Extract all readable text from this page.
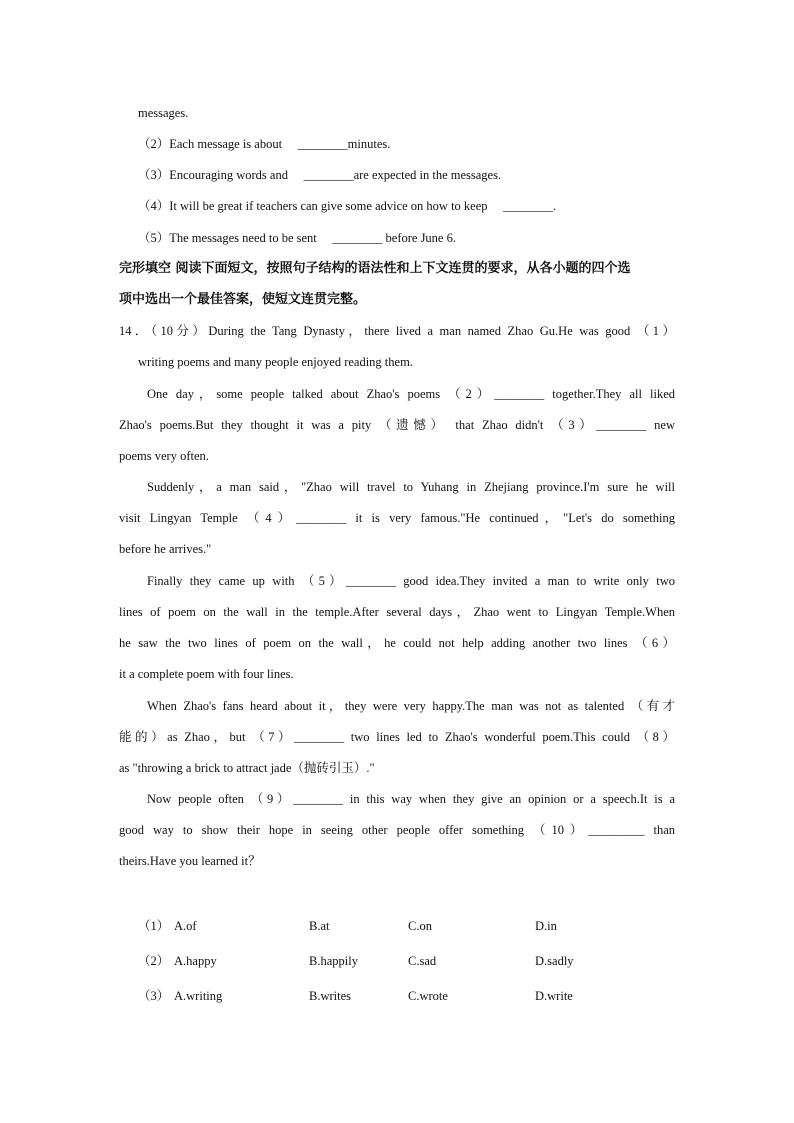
messages.
（2）Each message is about　 ________minutes.
（3）Encouraging words and　 ________are expected in the messages.
（4）It will be great if teachers can give some advice on how to keep　 ________.
（5）The messages need to be sent　 ________ before June 6.
完形填空 阅读下面短文，按照句子结构的语法性和上下文连贯的要求，从各小题的四个选
项中选出一个最佳答案，使短文连贯完整。
14．（10分）During the Tang Dynasty，there lived a man named Zhao Gu.He was good （1）
writing poems and many people enjoyed reading them.
One day，some people talked about Zhao's poems （2）________ together.They all liked
Zhao's poems.But they thought it was a pity （遗憾） that Zhao didn't （3）________ new
poems very often.
Suddenly，a man said，"Zhao will travel to Yuhang in Zhejiang province.I'm sure he will
visit Lingyan Temple （4）________ it is very famous."He continued，"Let's do something
before he arrives."
Finally they came up with （5）________ good idea.They invited a man to write only two
lines of poem on the wall in the temple.After several days，Zhao went to Lingyan Temple.When
he saw the two lines of poem on the wall，he could not help adding another two lines （6）
it a complete poem with four lines.
When Zhao's fans heard about it，they were very happy.The man was not as talented （有才
能的）as Zhao，but （7）________ two lines led to Zhao's wonderful poem.This could （8）
as "throwing a brick to attract jade（抛砖引玉）."
Now people often （9）________ in this way when they give an opinion or a speech.It is a
good way to show their hope in seeing other people offer something （10）_________ than
theirs.Have you learned it？
（1） A.of	B.at	C.on	D.in
（2） A.happy	B.happily	C.sad	D.sadly
（3） A.writing	B.writes	C.wrote	D.write
